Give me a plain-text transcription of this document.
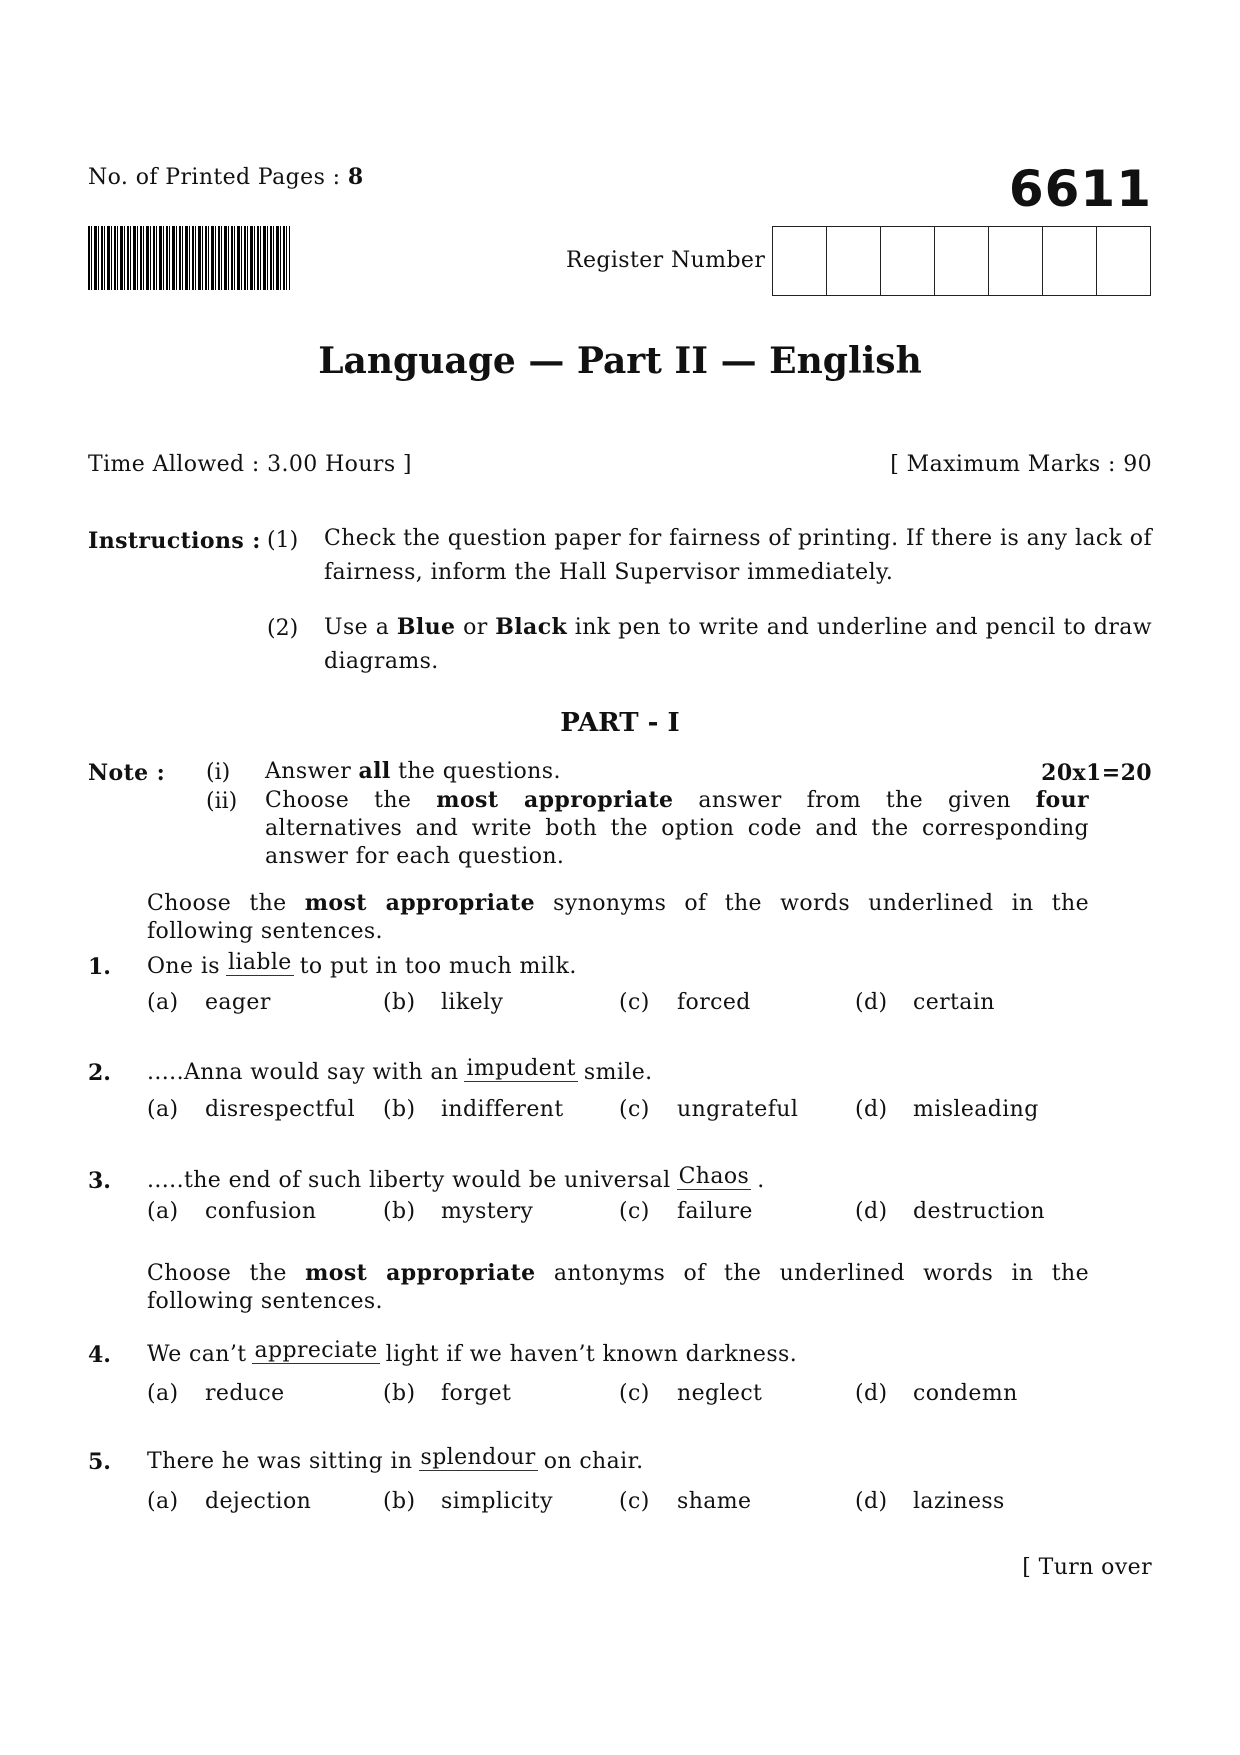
No. of Printed Pages : 8	6611
Register Number
Language — Part II — English
Time Allowed : 3.00 Hours ]	[ Maximum Marks : 90
Instructions : (1) Check the question paper for fairness of printing. If there is any lack of fairness, inform the Hall Supervisor immediately.
(2) Use a Blue or Black ink pen to write and underline and pencil to draw diagrams.
PART - I
Note :	20x1=20
(i) Answer all the questions.
(ii) Choose the most appropriate answer from the given four alternatives and write both the option code and the corresponding answer for each question.
Choose the most appropriate synonyms of the words underlined in the following sentences.
1. One is liable to put in too much milk.
(a) eager	(b) likely	(c) forced	(d) certain
2. .....Anna would say with an impudent smile.
(a) disrespectful (b) indifferent	(c) ungrateful	(d) misleading
3. .....the end of such liberty would be universal Chaos .
(a) confusion	(b) mystery	(c) failure	(d) destruction
Choose the most appropriate antonyms of the underlined words in the following sentences.
4. We can’t appreciate light if we haven’t known darkness.
(a) reduce	(b) forget	(c) neglect	(d) condemn
5. There he was sitting in splendour on chair.
(a) dejection	(b) simplicity	(c) shame	(d) laziness
[ Turn over
